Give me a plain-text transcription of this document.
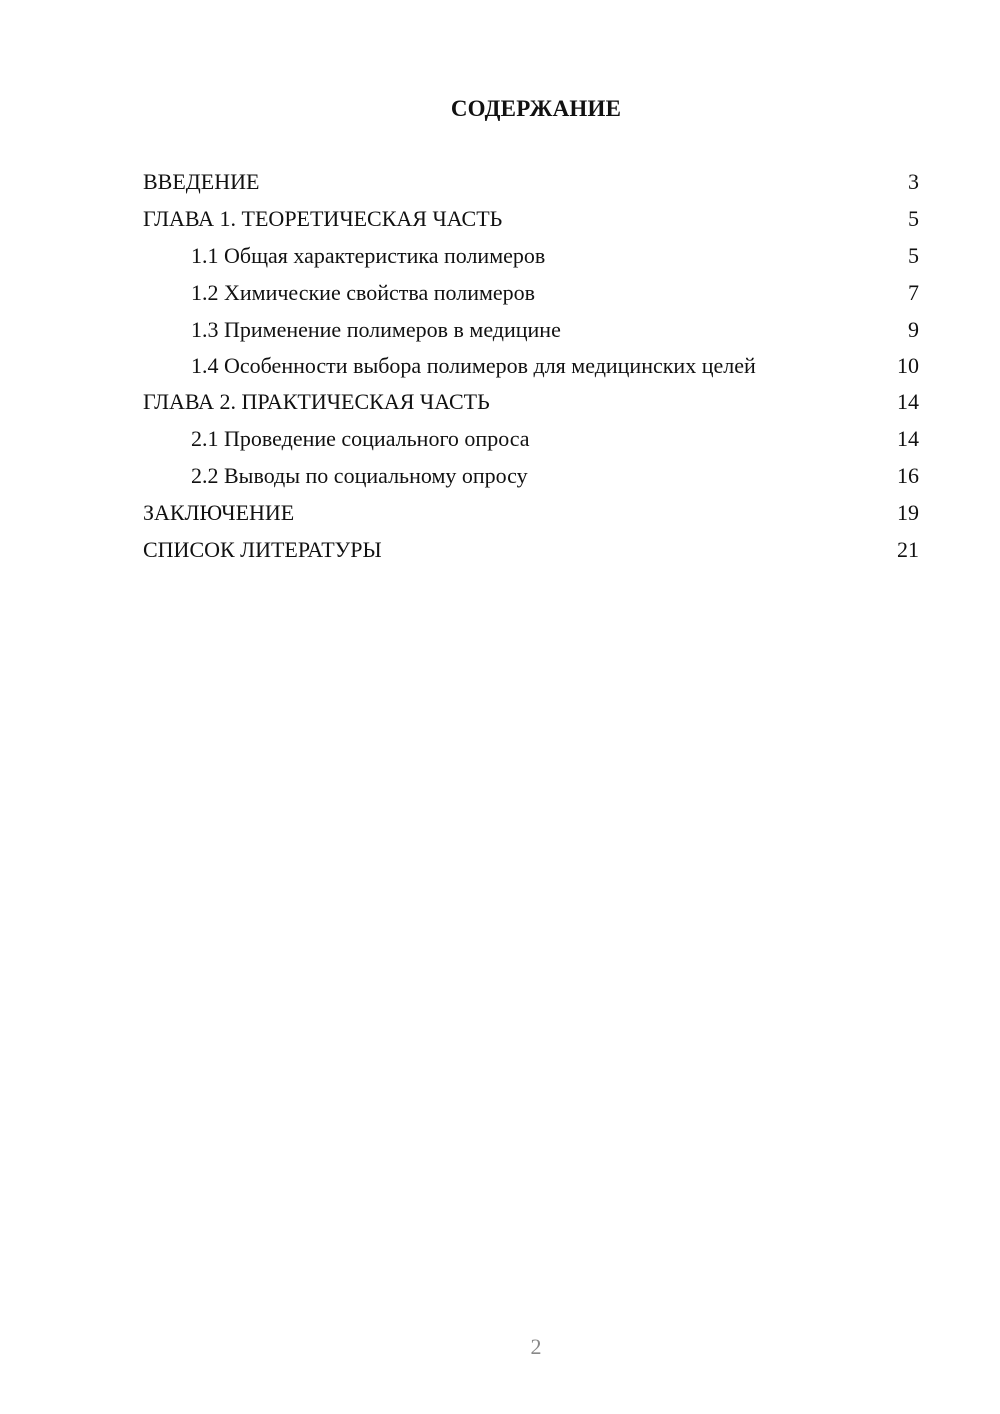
СОДЕРЖАНИЕ
ВВЕДЕНИЕ	3
ГЛАВА 1. ТЕОРЕТИЧЕСКАЯ ЧАСТЬ	5
1.1 Общая характеристика полимеров	5
1.2 Химические свойства полимеров	7
1.3 Применение полимеров в медицине	9
1.4 Особенности выбора полимеров для медицинских целей	10
ГЛАВА 2. ПРАКТИЧЕСКАЯ ЧАСТЬ	14
2.1 Проведение социального опроса	14
2.2 Выводы по социальному опросу	16
ЗАКЛЮЧЕНИЕ	19
СПИСОК ЛИТЕРАТУРЫ	21
2
